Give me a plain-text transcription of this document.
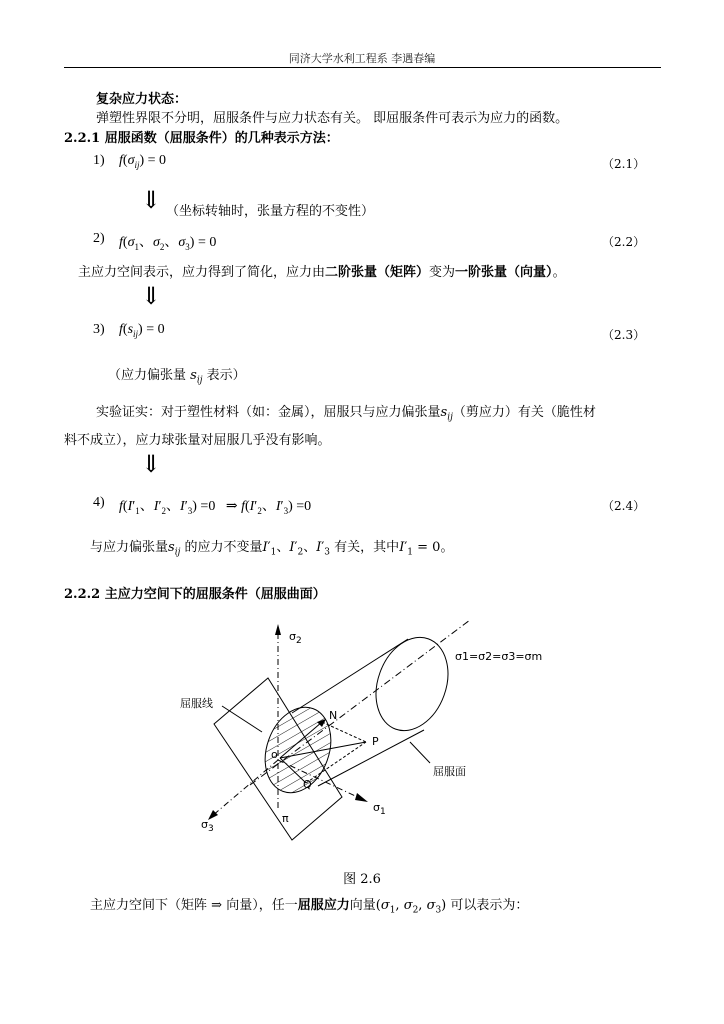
同济大学水利工程系 李遇春编
复杂应力状态：
弹塑性界限不分明，屈服条件与应力状态有关。 即屈服条件可表示为应力的函数。
2.2.1 屈服函数（屈服条件）的几种表示方法：
1) $f(\sigma_{ij}) = 0$	（2.1）
⇓ （坐标转轴时，张量方程的不变性）
2) $f(\sigma_1$、$\sigma_2$、$\sigma_3) = 0$	（2.2）
主应力空间表示，应力得到了简化，应力由二阶张量（矩阵）变为一阶张量（向量）。
⇓
3) $f(s_{ij}) = 0$	（2.3）
（应力偏张量 $s_{ij}$ 表示）
实验证实：对于塑性材料（如：金属），屈服只与应力偏张量$s_{ij}$（剪应力）有关（脆性材
料不成立），应力球张量对屈服几乎没有影响。
⇓
4) $f(I'_1$、$I'_2$、$I'_3) =0$   ⇒ $f(I'_2$、$I'_3) =0$	（2.4）
与应力偏张量$s_{ij}$ 的应力不变量$I'_1$、$I'_2$、$I'_3$ 有关，其中$I'_1 = 0$。
2.2.2 主应力空间下的屈服条件（屈服曲面）
$\sigma_2$
$\sigma_1$
$\sigma_3$
σ1=σ2=σ3=σm
屈服线
屈服面
N
P
o
Q
π
图 2.6
主应力空间下（矩阵 ⇒ 向量），任一屈服应力向量($\sigma_1$, $\sigma_2$, $\sigma_3$) 可以表示为：
